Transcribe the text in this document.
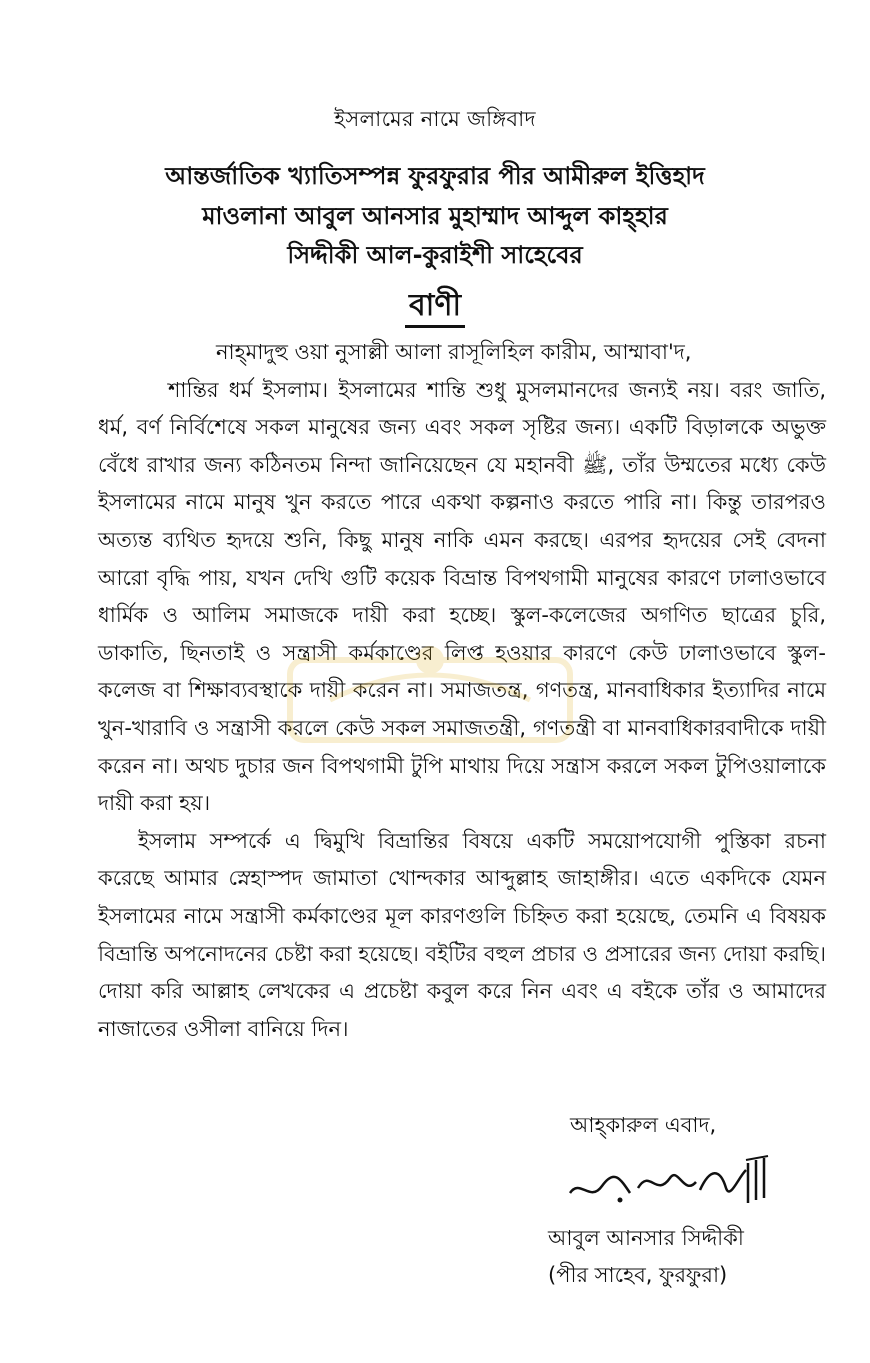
ইসলামের নামে জঙ্গিবাদ
আন্তর্জাতিক খ্যাতিসম্পন্ন ফুরফুরার পীর আমীরুল ইত্তিহাদ
মাওলানা আবুল আনসার মুহাম্মাদ আব্দুল কাহ্‌হার
সিদ্দীকী আল-কুরাইশী সাহেবের
বাণী

নাহ্‌মাদুহু ওয়া নুসাল্লী আলা রাসূলিহিল কারীম, আম্মাবা'দ,

শান্তির ধর্ম ইসলাম। ইসলামের শান্তি শুধু মুসলমানদের জন্যই নয়। বরং জাতি, ধর্ম, বর্ণ নির্বিশেষে সকল মানুষের জন্য এবং সকল সৃষ্টির জন্য। একটি বিড়ালকে অভুক্ত বেঁধে রাখার জন্য কঠিনতম নিন্দা জানিয়েছেন যে মহানবী ﷺ, তাঁর উম্মতের মধ্যে কেউ ইসলামের নামে মানুষ খুন করতে পারে একথা কল্পনাও করতে পারি না। কিন্তু তারপরও অত্যন্ত ব্যথিত হৃদয়ে শুনি, কিছু মানুষ নাকি এমন করছে। এরপর হৃদয়ের সেই বেদনা আরো বৃদ্ধি পায়, যখন দেখি গুটি কয়েক বিভ্রান্ত বিপথগামী মানুষের কারণে ঢালাওভাবে ধার্মিক ও আলিম সমাজকে দায়ী করা হচ্ছে। স্কুল-কলেজের অগণিত ছাত্রের চুরি, ডাকাতি, ছিনতাই ও সন্ত্রাসী কর্মকাণ্ডের লিপ্ত হওয়ার কারণে কেউ ঢালাওভাবে স্কুল-কলেজ বা শিক্ষাব্যবস্থাকে দায়ী করেন না। সমাজতন্ত্র, গণতন্ত্র, মানবাধিকার ইত্যাদির নামে খুন-খারাবি ও সন্ত্রাসী করলে কেউ সকল সমাজতন্ত্রী, গণতন্ত্রী বা মানবাধিকারবাদীকে দায়ী করেন না। অথচ দুচার জন বিপথগামী টুপি মাথায় দিয়ে সন্ত্রাস করলে সকল টুপিওয়ালাকে দায়ী করা হয়।

ইসলাম সম্পর্কে এ দ্বিমুখি বিভ্রান্তির বিষয়ে একটি সময়োপযোগী পুস্তিকা রচনা করেছে আমার স্নেহাস্পদ জামাতা খোন্দকার আব্দুল্লাহ জাহাঙ্গীর। এতে একদিকে যেমন ইসলামের নামে সন্ত্রাসী কর্মকাণ্ডের মূল কারণগুলি চিহ্নিত করা হয়েছে, তেমনি এ বিষয়ক বিভ্রান্তি অপনোদনের চেষ্টা করা হয়েছে। বইটির বহুল প্রচার ও প্রসারের জন্য দোয়া করছি। দোয়া করি আল্লাহ লেখকের এ প্রচেষ্টা কবুল করে নিন এবং এ বইকে তাঁর ও আমাদের নাজাতের ওসীলা বানিয়ে দিন।

আহ্‌কারুল এবাদ,
আবুল আনসার সিদ্দীকী
(পীর সাহেব, ফুরফুরা)
